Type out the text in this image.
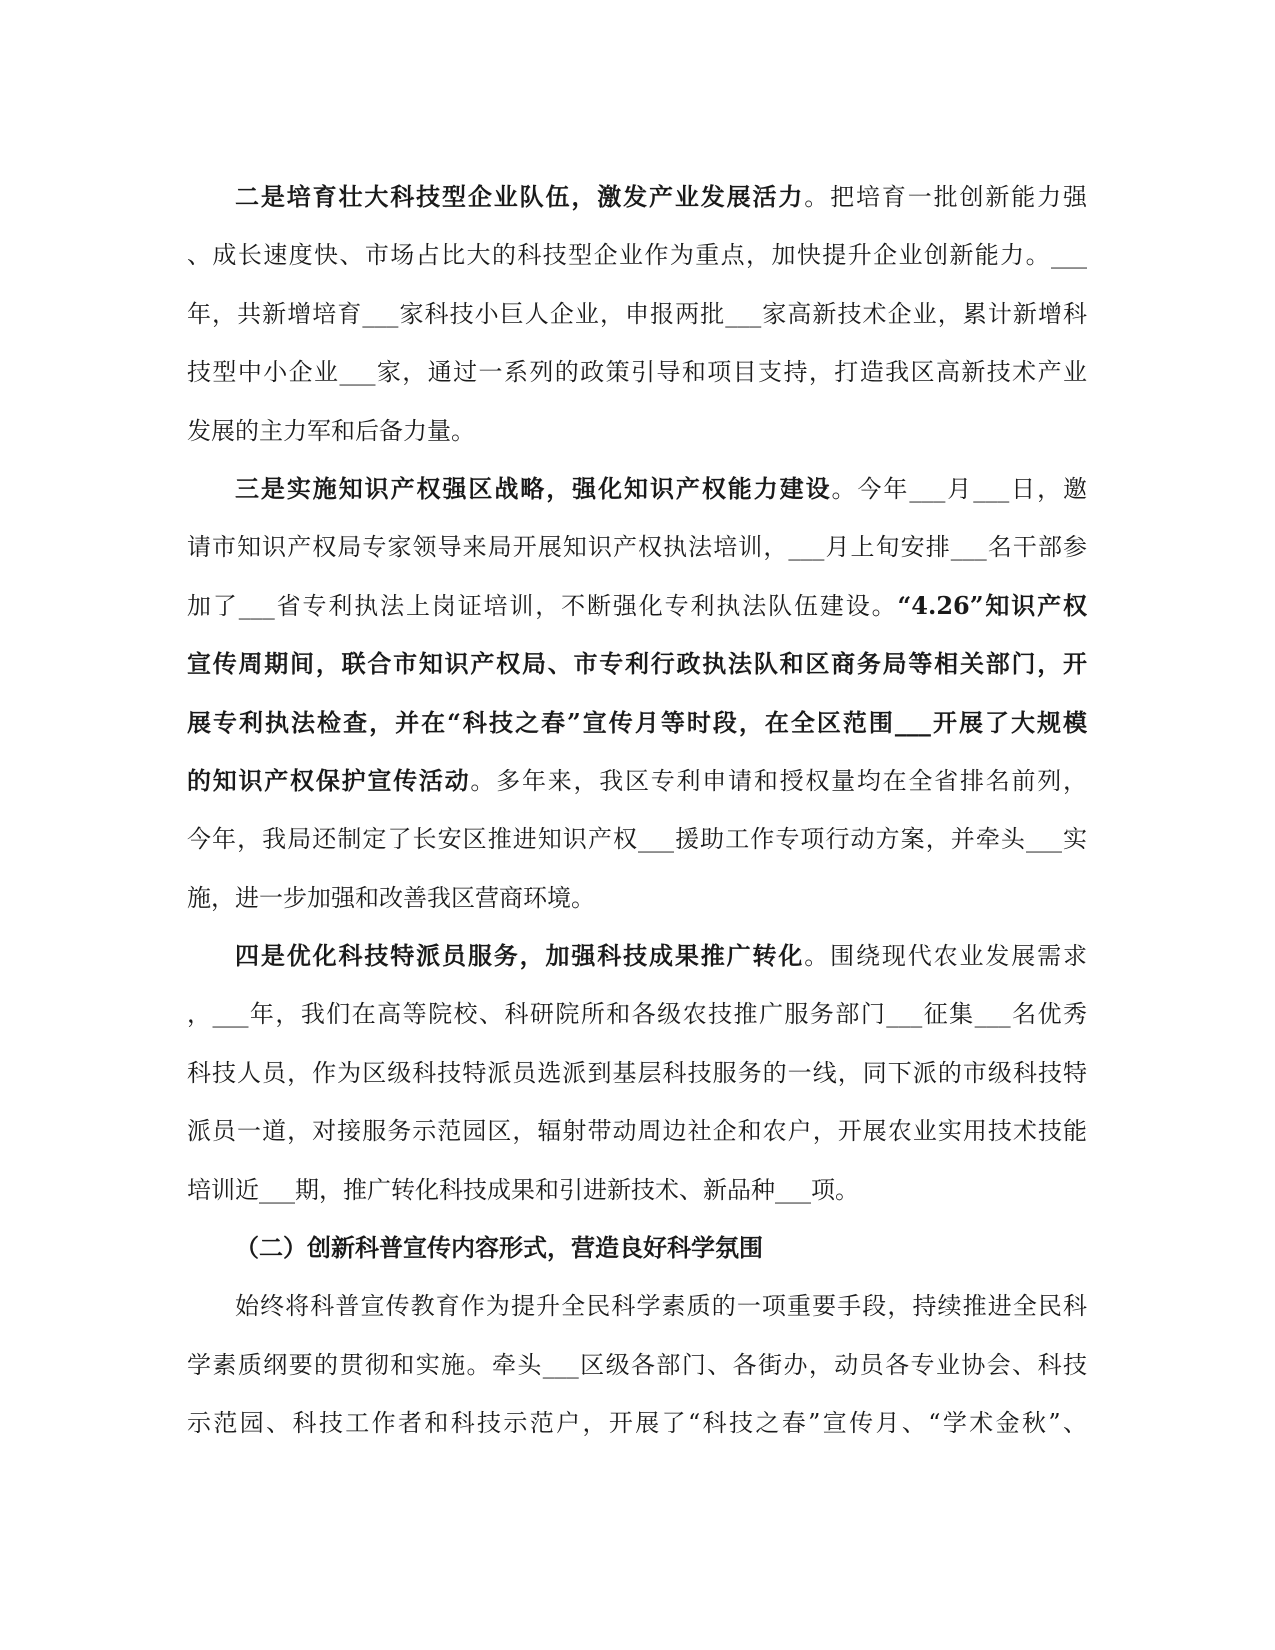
二是培育壮大科技型企业队伍，激发产业发展活力。把培育一批创新能力强
、成长速度快、市场占比大的科技型企业作为重点，加快提升企业创新能力。___
年，共新增培育___家科技小巨人企业，申报两批___家高新技术企业，累计新增科
技型中小企业___家，通过一系列的政策引导和项目支持，打造我区高新技术产业
发展的主力军和后备力量。
三是实施知识产权强区战略，强化知识产权能力建设。今年___月___日，邀
请市知识产权局专家领导来局开展知识产权执法培训，___月上旬安排___名干部参
加了___省专利执法上岗证培训，不断强化专利执法队伍建设。“4.26”知识产权
宣传周期间，联合市知识产权局、市专利行政执法队和区商务局等相关部门，开
展专利执法检查，并在“科技之春”宣传月等时段，在全区范围___开展了大规模
的知识产权保护宣传活动。多年来，我区专利申请和授权量均在全省排名前列，
今年，我局还制定了长安区推进知识产权___援助工作专项行动方案，并牵头___实
施，进一步加强和改善我区营商环境。
四是优化科技特派员服务，加强科技成果推广转化。围绕现代农业发展需求
，___年，我们在高等院校、科研院所和各级农技推广服务部门___征集___名优秀
科技人员，作为区级科技特派员选派到基层科技服务的一线，同下派的市级科技特
派员一道，对接服务示范园区，辐射带动周边社企和农户，开展农业实用技术技能
培训近___期，推广转化科技成果和引进新技术、新品种___项。
（二）创新科普宣传内容形式，营造良好科学氛围
始终将科普宣传教育作为提升全民科学素质的一项重要手段，持续推进全民科
学素质纲要的贯彻和实施。牵头___区级各部门、各街办，动员各专业协会、科技
示范园、科技工作者和科技示范户，开展了“科技之春”宣传月、“学术金秋”、
